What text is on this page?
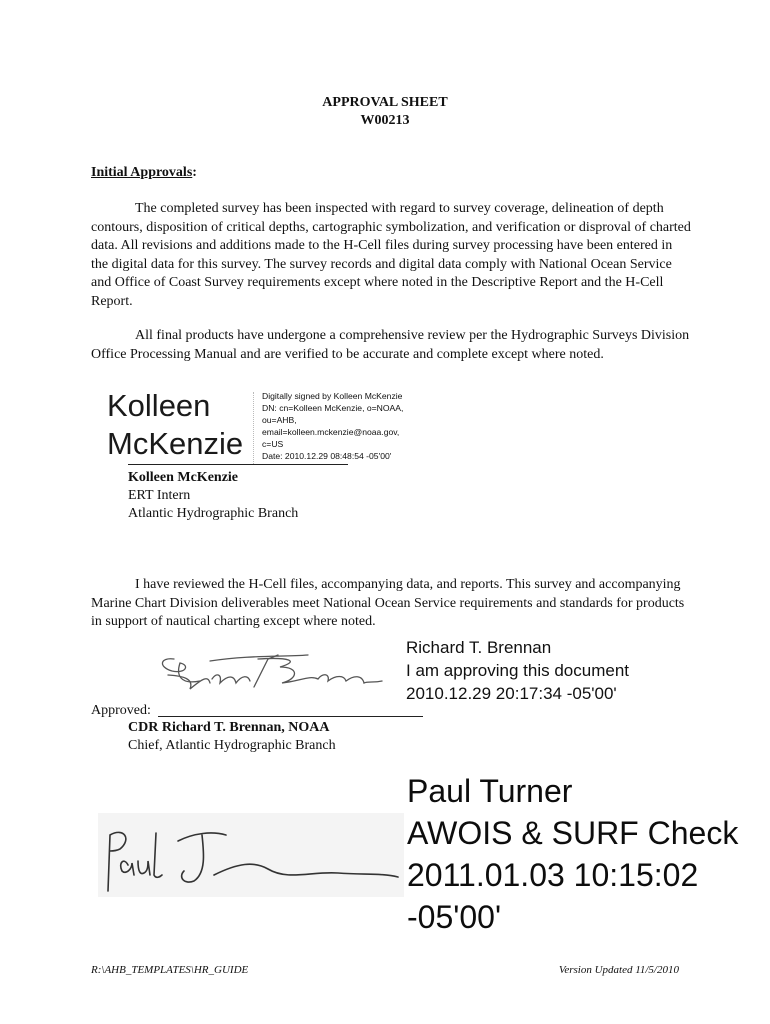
APPROVAL SHEET
W00213
Initial Approvals:
The completed survey has been inspected with regard to survey coverage, delineation of depth contours, disposition of critical depths, cartographic symbolization, and verification or disproval of charted data. All revisions and additions made to the H-Cell files during survey processing have been entered in the digital data for this survey. The survey records and digital data comply with National Ocean Service and Office of Coast Survey requirements except where noted in the Descriptive Report and the H-Cell Report.
All final products have undergone a comprehensive review per the Hydrographic Surveys Division Office Processing Manual and are verified to be accurate and complete except where noted.
Kolleen
McKenzie
Digitally signed by Kolleen McKenzie
DN: cn=Kolleen McKenzie, o=NOAA,
ou=AHB,
email=kolleen.mckenzie@noaa.gov,
c=US
Date: 2010.12.29 08:48:54 -05'00'
Kolleen McKenzie
ERT Intern
Atlantic Hydrographic Branch
I have reviewed the H-Cell files, accompanying data, and reports. This survey and accompanying Marine Chart Division deliverables meet National Ocean Service requirements and standards for products in support of nautical charting except where noted.
Richard T. Brennan
I am approving this document
2010.12.29 20:17:34 -05'00'
Approved:
CDR Richard T. Brennan, NOAA
Chief, Atlantic Hydrographic Branch
Paul Turner
AWOIS & SURF Check
2011.01.03 10:15:02
-05'00'
R:\AHB_TEMPLATES\HR_GUIDE	Version Updated 11/5/2010
